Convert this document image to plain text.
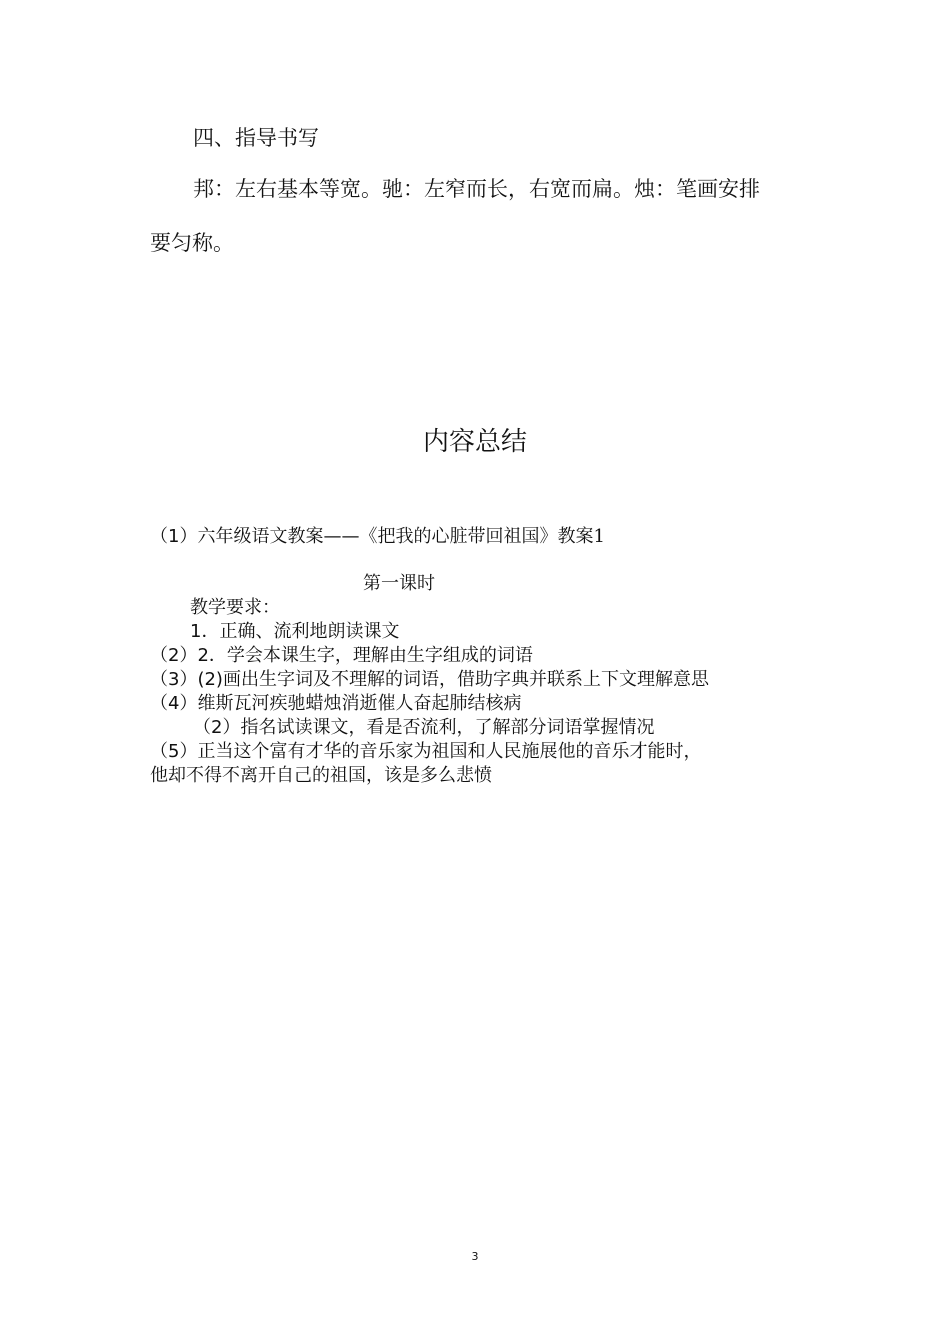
四、指导书写
邦：左右基本等宽。驰：左窄而长，右宽而扁。烛：笔画安排
要匀称。
内容总结
（1）六年级语文教案——《把我的心脏带回祖国》教案1
第一课时
教学要求：
1．正确、流利地朗读课文
（2）2．学会本课生字，理解由生字组成的词语
（3）(2)画出生字词及不理解的词语，借助字典并联系上下文理解意思
（4）维斯瓦河疾驰蜡烛消逝催人奋起肺结核病
（2）指名试读课文，看是否流利，了解部分词语掌握情况
（5）正当这个富有才华的音乐家为祖国和人民施展他的音乐才能时，
他却不得不离开自己的祖国，该是多么悲愤
3
